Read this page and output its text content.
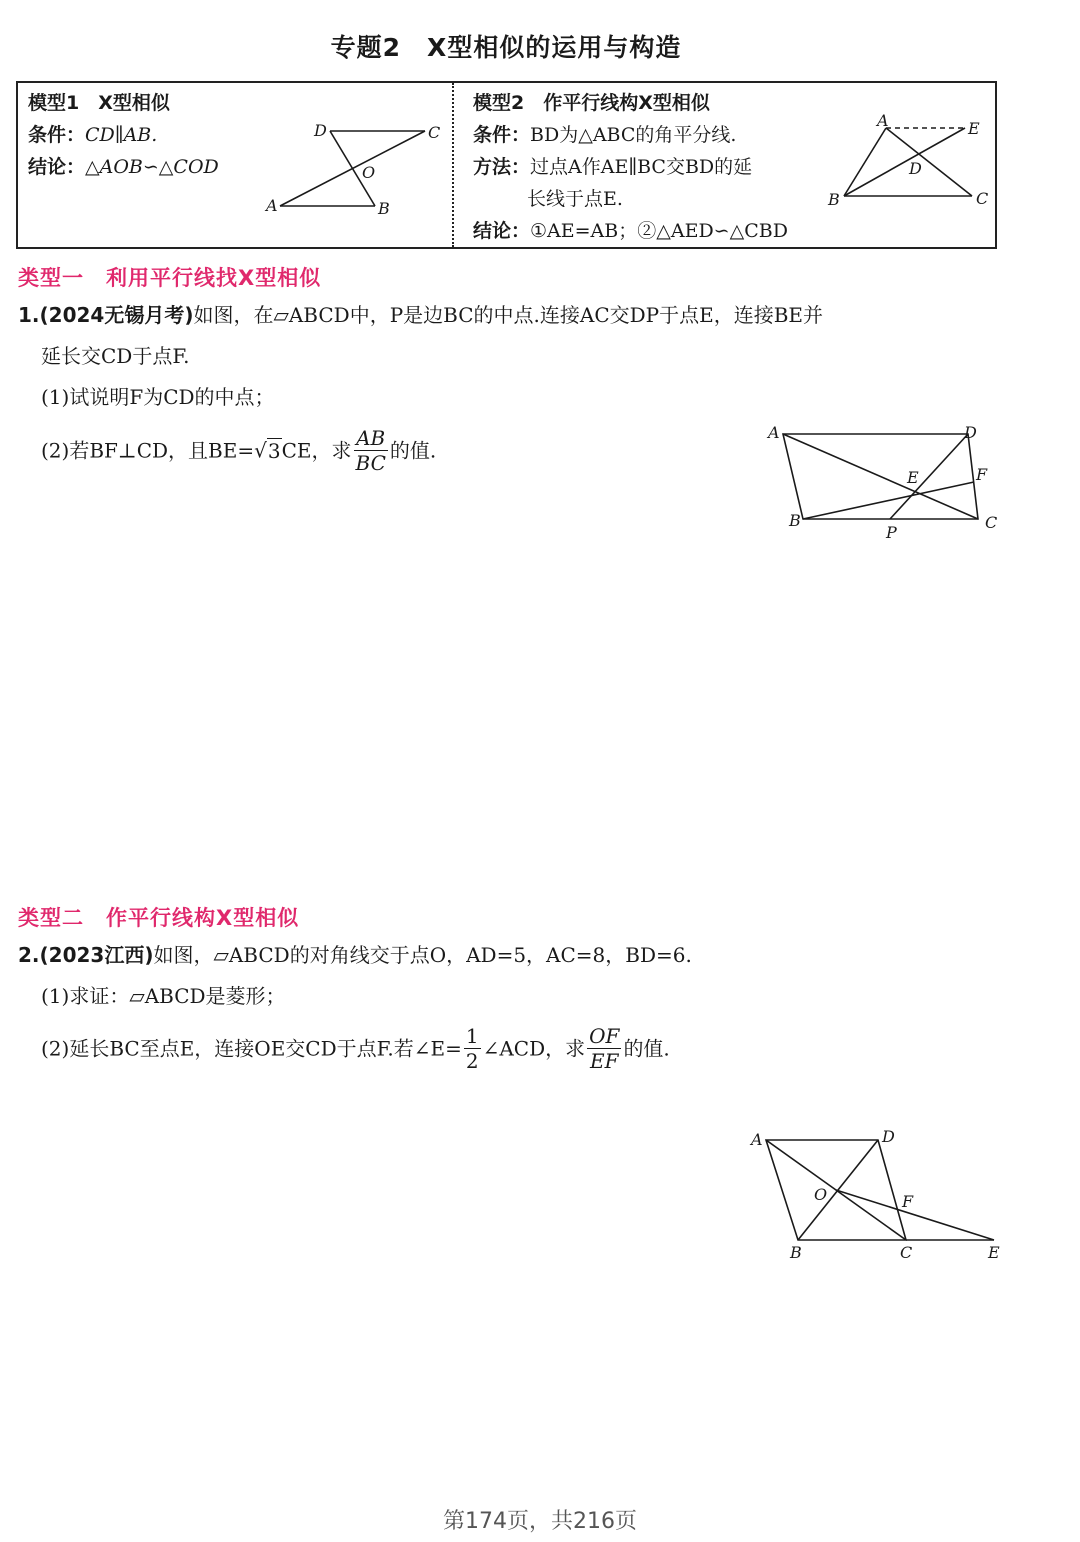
专题2　X型相似的运用与构造
模型1　X型相似
条件：CD∥AB.
结论：△AOB∽△COD
D	C
O
A	B
模型2　作平行线构X型相似
条件：BD为△ABC的角平分线.
方法：过点A作AE∥BC交BD的延
长线于点E.
结论：①AE=AB；②△AED∽△CBD
A	E
D
B	C
类型一　利用平行线找X型相似
1.(2024无锡月考)如图，在▱ABCD中，P是边BC的中点.连接AC交DP于点E，连接BE并
延长交CD于点F.
(1)试说明F为CD的中点；
(2)若BF⊥CD，且BE=√3CE，求 $\frac{AB}{BC}$ 的值.
A	D
E	F
B
P
C
类型二　作平行线构X型相似
2.(2023江西)如图，▱ABCD的对角线交于点O，AD=5，AC=8，BD=6.
(1)求证：▱ABCD是菱形；
(2)延长BC至点E，连接OE交CD于点F.若∠E= $\frac{1}{2}$ ∠ACD，求 $\frac{OF}{EF}$ 的值.
A	D
O	F
B	C	E
第174页，共216页
